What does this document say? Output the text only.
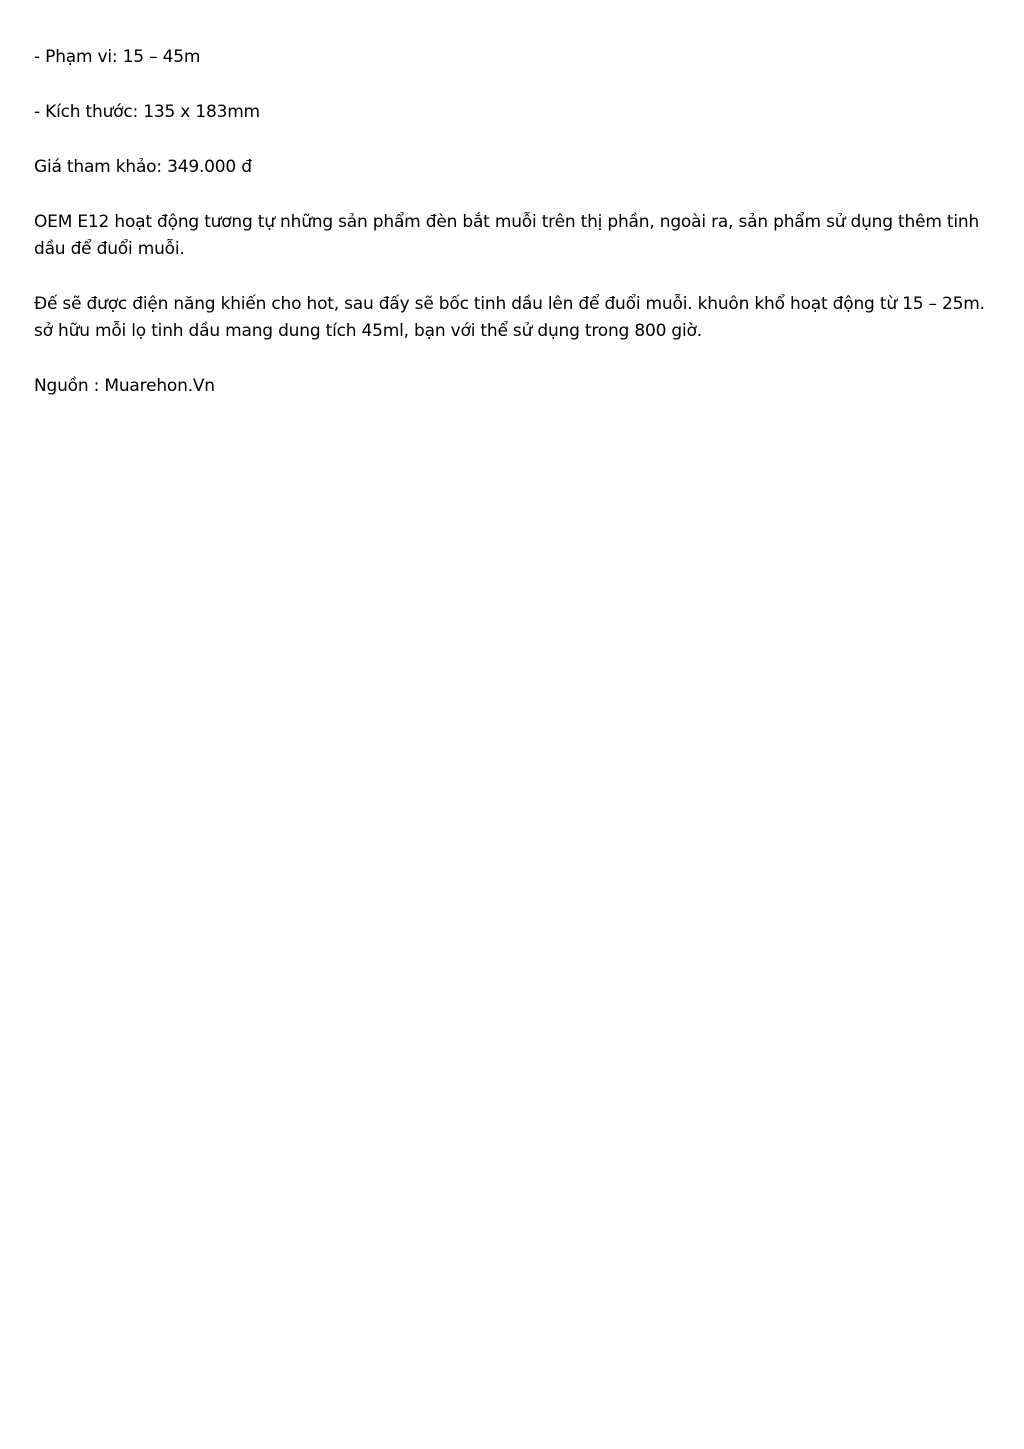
- Phạm vi: 15 – 45m

- Kích thước: 135 x 183mm

Giá tham khảo: 349.000 đ

OEM E12 hoạt động tương tự những sản phẩm đèn bắt muỗi trên thị phần, ngoài ra, sản phẩm sử dụng thêm tinh dầu để đuổi muỗi.

Đế sẽ được điện năng khiến cho hot, sau đấy sẽ bốc tinh dầu lên để đuổi muỗi. khuôn khổ hoạt động từ 15 – 25m. sở hữu mỗi lọ tinh dầu mang dung tích 45ml, bạn với thể sử dụng trong 800 giờ.

Nguồn : Muarehon.Vn
